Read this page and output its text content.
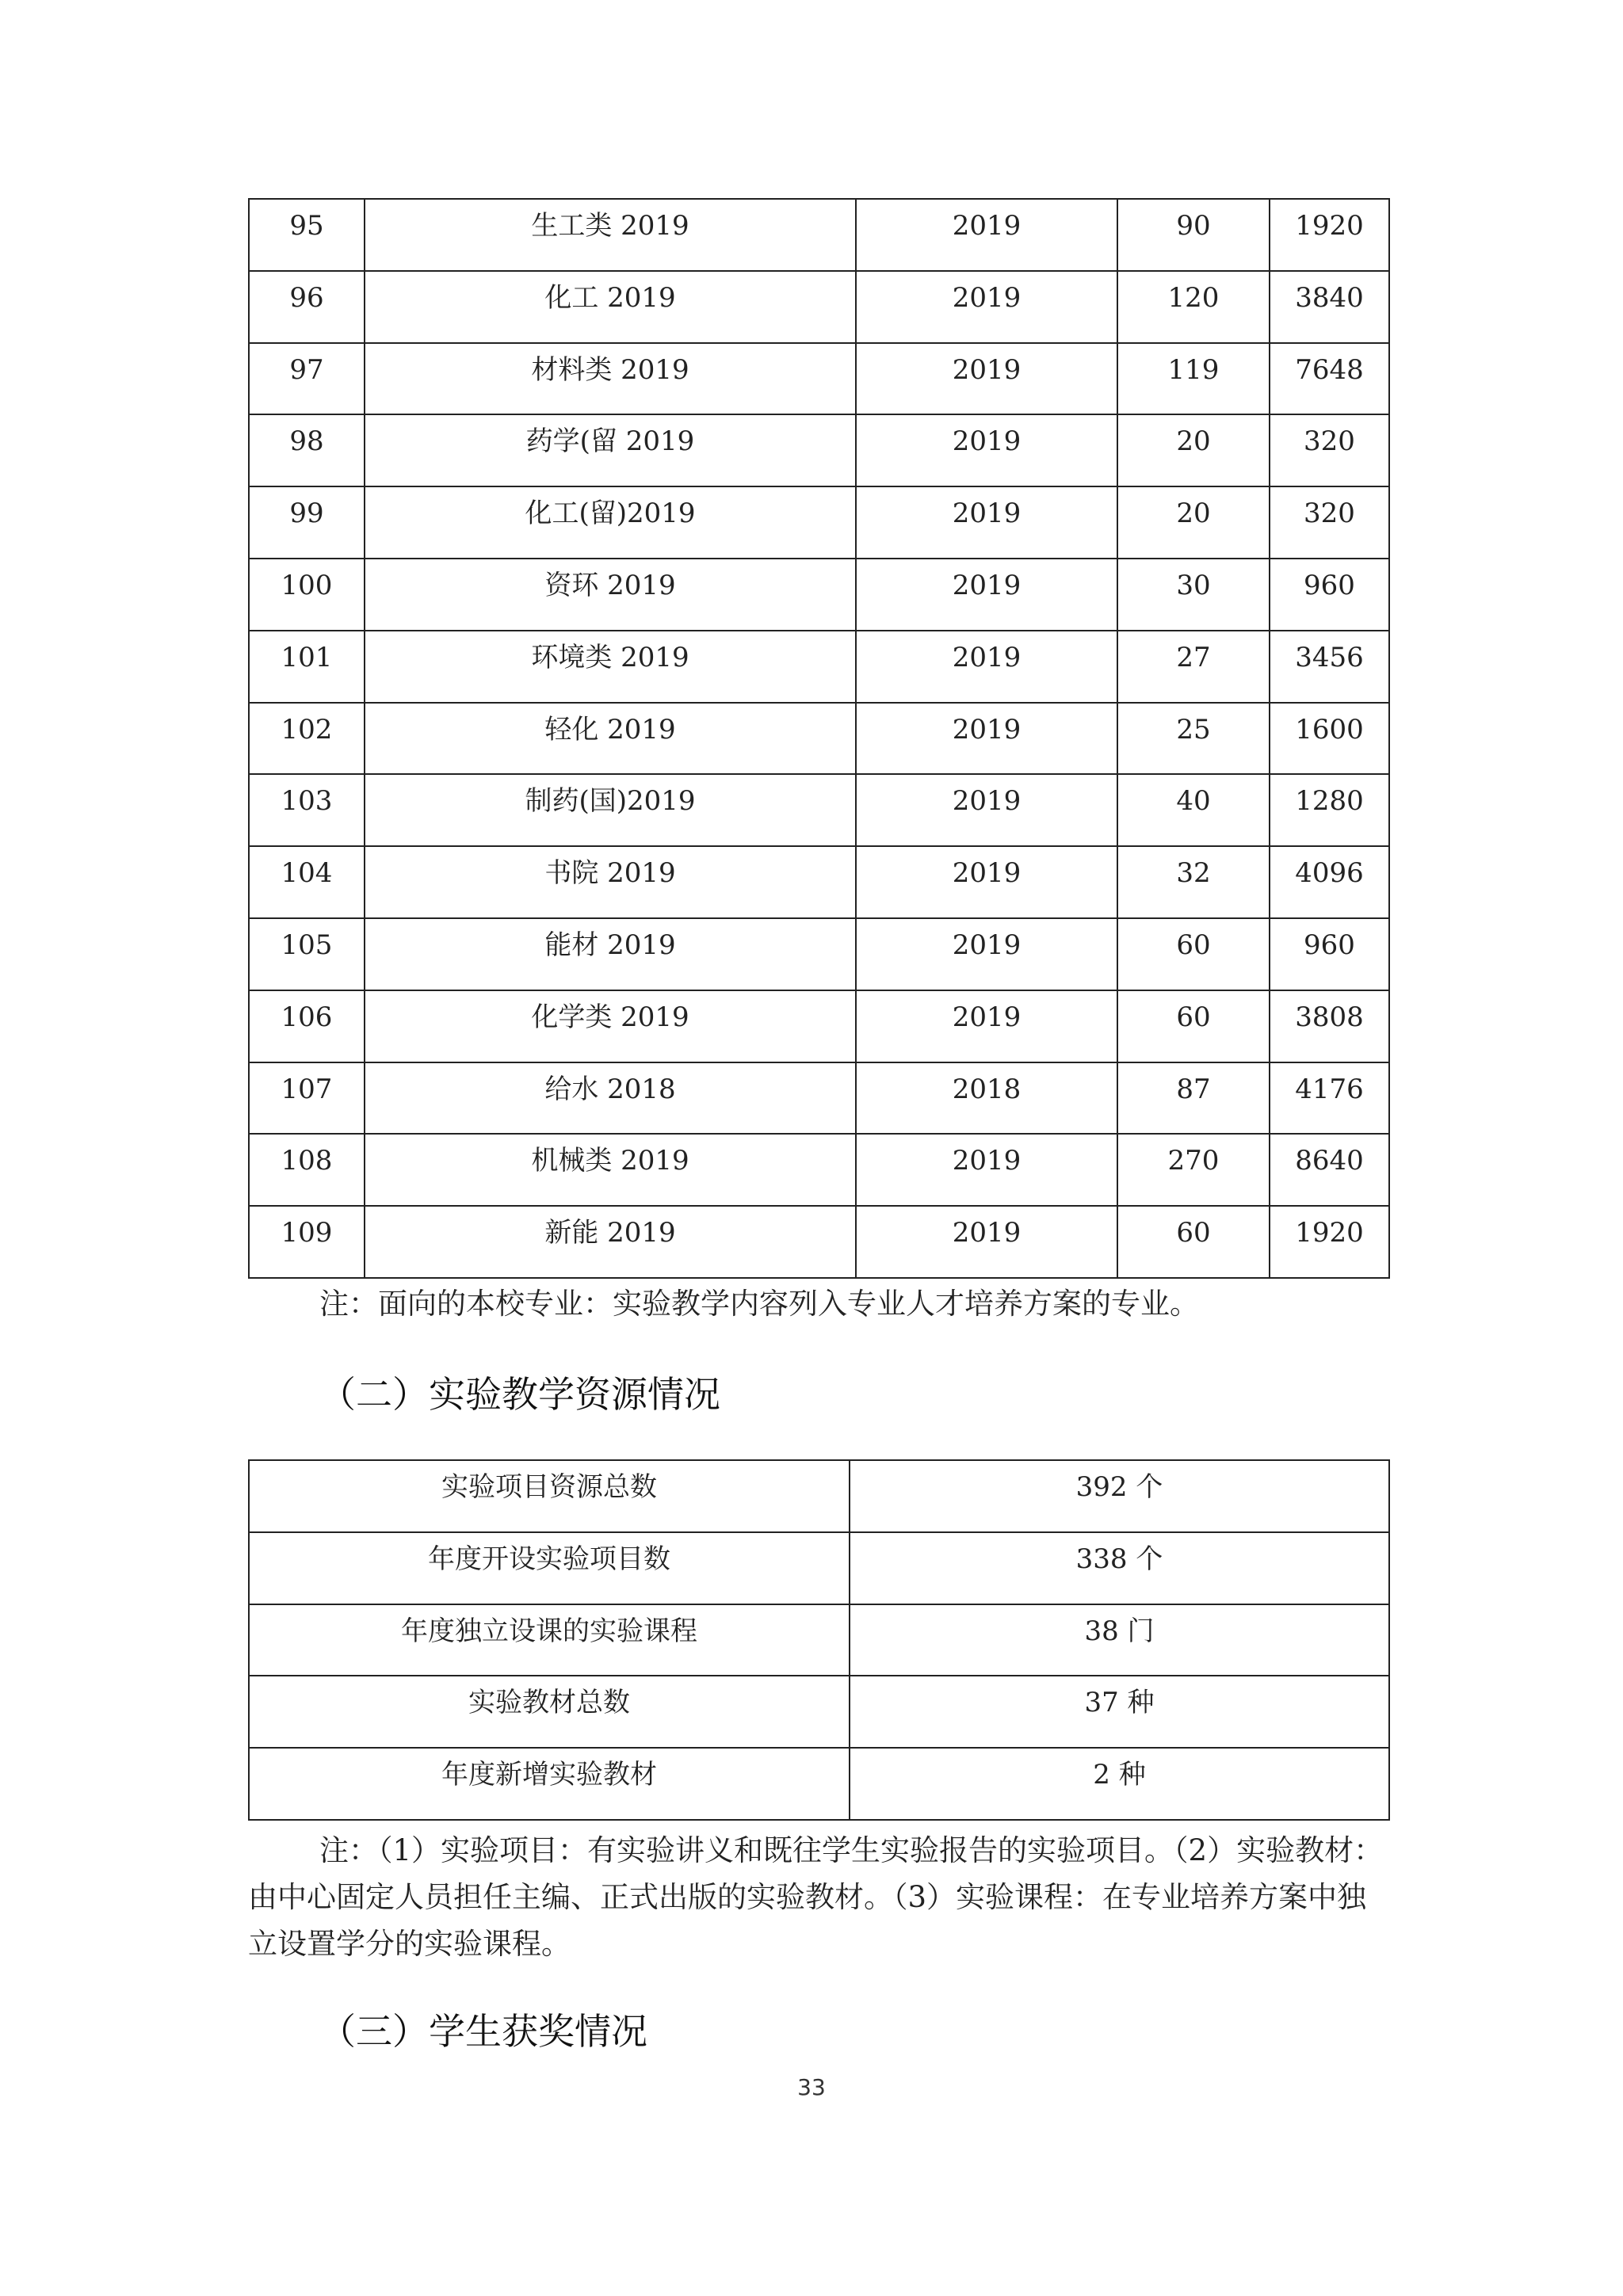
95	生工类 2019	2019	90	1920
96	化工 2019	2019	120	3840
97	材料类 2019	2019	119	7648
98	药学(留 2019	2019	20	320
99	化工(留)2019	2019	20	320
100	资环 2019	2019	30	960
101	环境类 2019	2019	27	3456
102	轻化 2019	2019	25	1600
103	制药(国)2019	2019	40	1280
104	书院 2019	2019	32	4096
105	能材 2019	2019	60	960
106	化学类 2019	2019	60	3808
107	给水 2018	2018	87	4176
108	机械类 2019	2019	270	8640
109	新能 2019	2019	60	1920
注：面向的本校专业：实验教学内容列入专业人才培养方案的专业。
（二）实验教学资源情况
实验项目资源总数	392 个
年度开设实验项目数	338 个
年度独立设课的实验课程	38 门
实验教材总数	37 种
年度新增实验教材	2 种
注：（1）实验项目：有实验讲义和既往学生实验报告的实验项目。（2）实验教材：由中心固定人员担任主编、正式出版的实验教材。（3）实验课程：在专业培养方案中独立设置学分的实验课程。
（三）学生获奖情况
33
